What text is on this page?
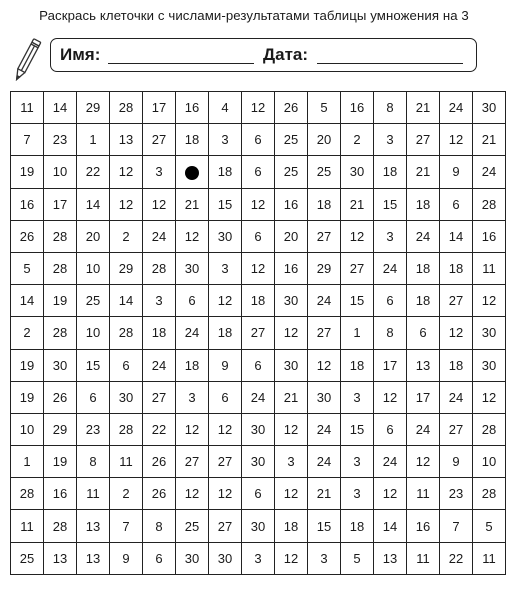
Раскрась клеточки с числами-результатами таблицы умножения на 3
Имя:	Дата:
11	14	29	28	17	16	4	12	26	5	16	8	21	24	30
7	23	1	13	27	18	3	6	25	20	2	3	27	12	21
19	10	22	12	3		18	6	25	25	30	18	21	9	24
16	17	14	12	12	21	15	12	16	18	21	15	18	6	28
26	28	20	2	24	12	30	6	20	27	12	3	24	14	16
5	28	10	29	28	30	3	12	16	29	27	24	18	18	11
14	19	25	14	3	6	12	18	30	24	15	6	18	27	12
2	28	10	28	18	24	18	27	12	27	1	8	6	12	30
19	30	15	6	24	18	9	6	30	12	18	17	13	18	30
19	26	6	30	27	3	6	24	21	30	3	12	17	24	12
10	29	23	28	22	12	12	30	12	24	15	6	24	27	28
1	19	8	11	26	27	27	30	3	24	3	24	12	9	10
28	16	11	2	26	12	12	6	12	21	3	12	11	23	28
11	28	13	7	8	25	27	30	18	15	18	14	16	7	5
25	13	13	9	6	30	30	3	12	3	5	13	11	22	11
